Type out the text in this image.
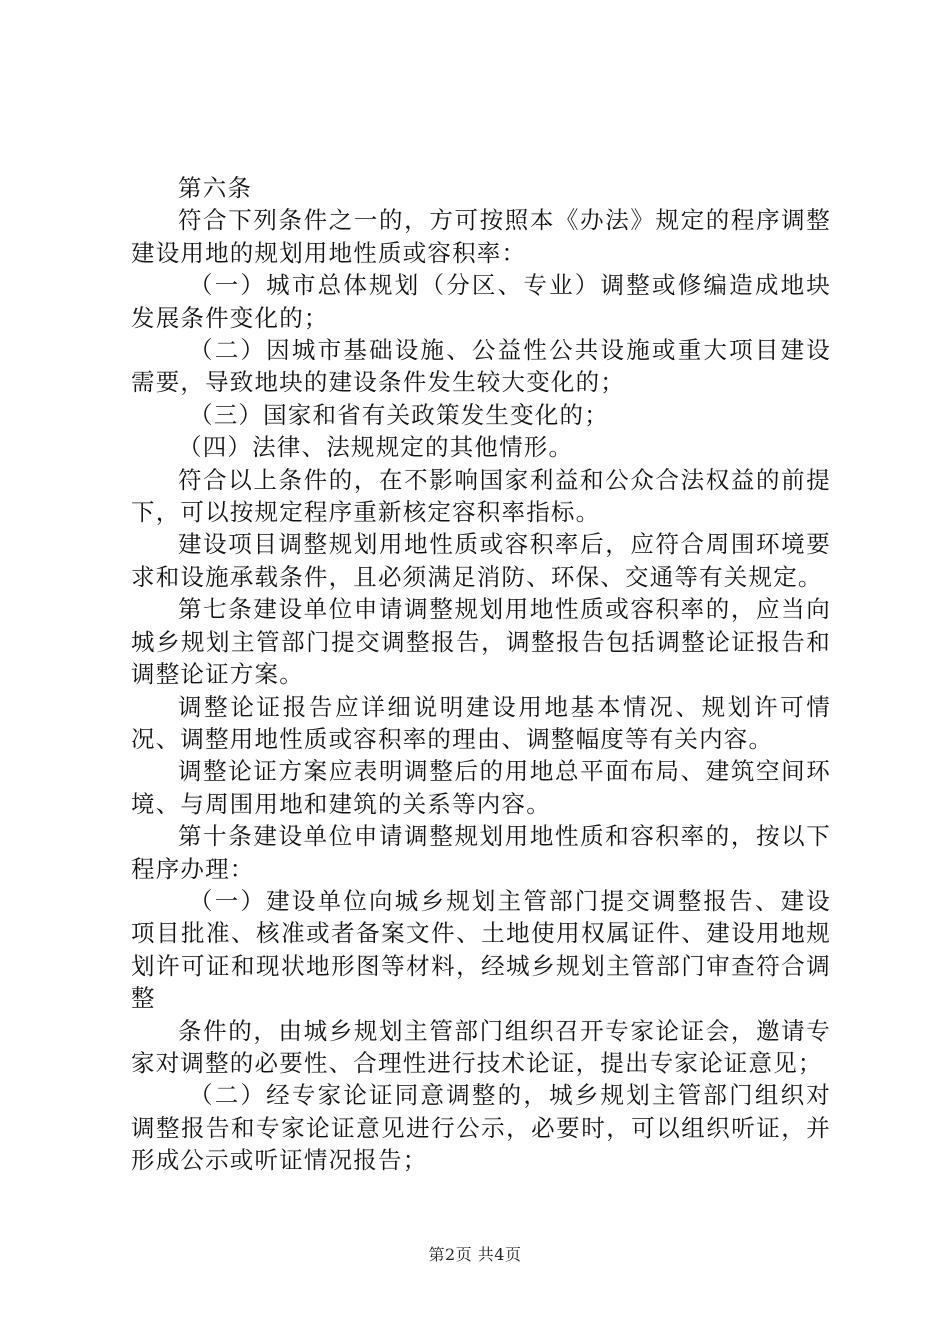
第六条

符合下列条件之一的，方可按照本《办法》规定的程序调整建设用地的规划用地性质或容积率：

（一）城市总体规划（分区、专业）调整或修编造成地块发展条件变化的；

（二）因城市基础设施、公益性公共设施或重大项目建设需要，导致地块的建设条件发生较大变化的；

（三）国家和省有关政策发生变化的；

（四）法律、法规规定的其他情形。

符合以上条件的，在不影响国家利益和公众合法权益的前提下，可以按规定程序重新核定容积率指标。

建设项目调整规划用地性质或容积率后，应符合周围环境要求和设施承载条件，且必须满足消防、环保、交通等有关规定。

第七条建设单位申请调整规划用地性质或容积率的，应当向城乡规划主管部门提交调整报告，调整报告包括调整论证报告和调整论证方案。

调整论证报告应详细说明建设用地基本情况、规划许可情况、调整用地性质或容积率的理由、调整幅度等有关内容。

调整论证方案应表明调整后的用地总平面布局、建筑空间环境、与周围用地和建筑的关系等内容。

第十条建设单位申请调整规划用地性质和容积率的，按以下程序办理：

（一）建设单位向城乡规划主管部门提交调整报告、建设项目批准、核准或者备案文件、土地使用权属证件、建设用地规划许可证和现状地形图等材料，经城乡规划主管部门审查符合调整

条件的，由城乡规划主管部门组织召开专家论证会，邀请专家对调整的必要性、合理性进行技术论证，提出专家论证意见；

（二）经专家论证同意调整的，城乡规划主管部门组织对调整报告和专家论证意见进行公示，必要时，可以组织听证，并形成公示或听证情况报告；

第2页 共4页
